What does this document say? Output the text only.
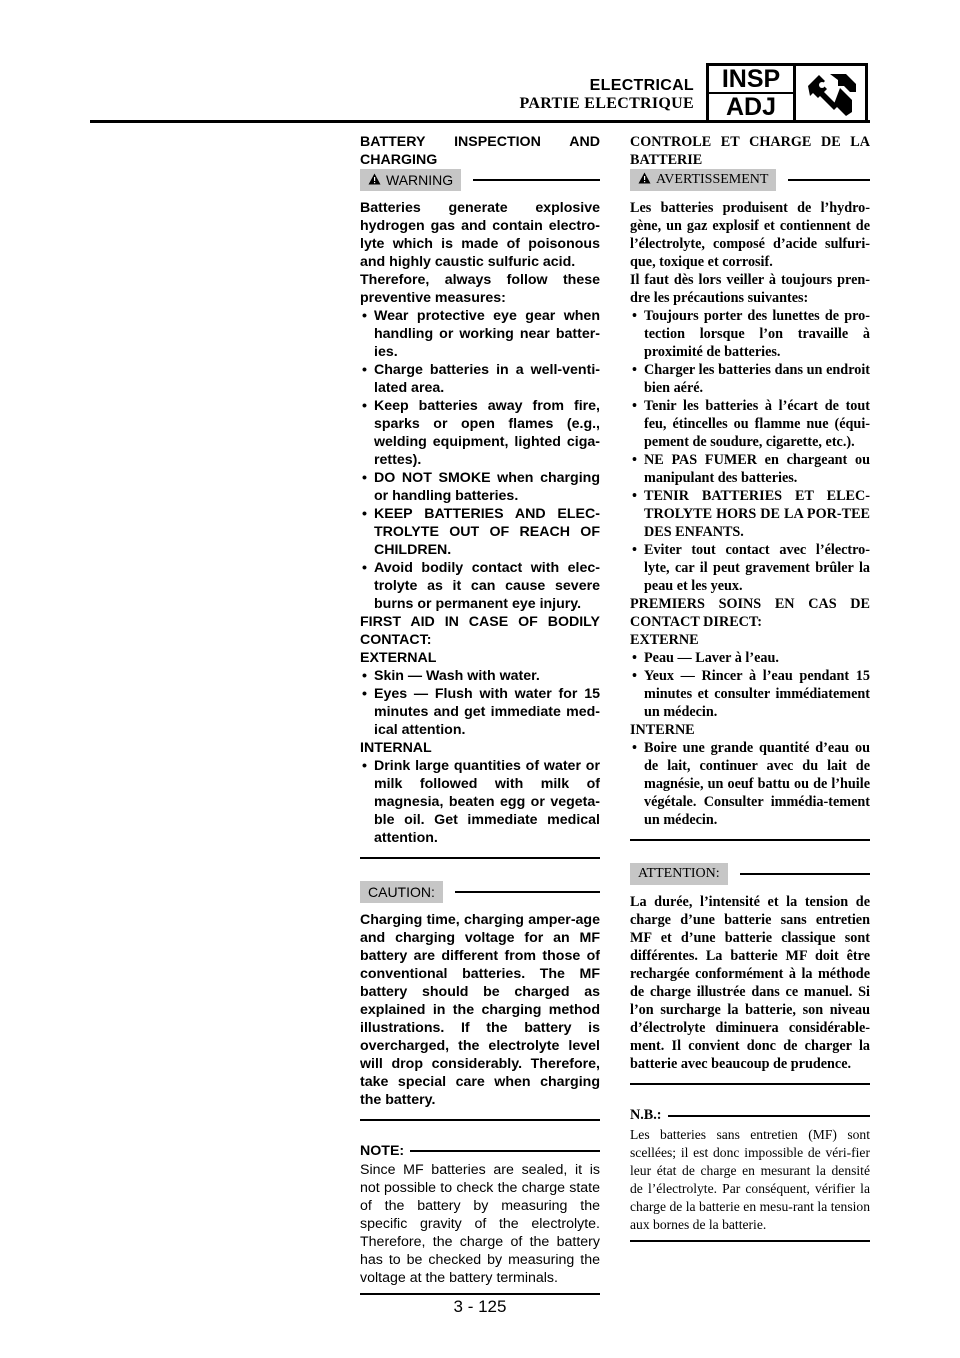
ELECTRICAL
PARTIE ELECTRIQUE
INSP
ADJ

BATTERY INSPECTION AND CHARGING

WARNING

Batteries generate explosive hydrogen gas and contain electro-lyte which is made of poisonous and highly caustic sulfuric acid.

Therefore, always follow these preventive measures:

• Wear protective eye gear when handling or working near batter-ies.
• Charge batteries in a well-venti-lated area.
• Keep batteries away from fire, sparks or open flames (e.g., welding equipment, lighted ciga-rettes).
• DO NOT SMOKE when charging or handling batteries.
• KEEP BATTERIES AND ELEC-TROLYTE OUT OF REACH OF CHILDREN.
• Avoid bodily contact with elec-trolyte as it can cause severe burns or permanent eye injury.

FIRST AID IN CASE OF BODILY CONTACT:

EXTERNAL

• Skin — Wash with water.
• Eyes — Flush with water for 15 minutes and get immediate med-ical attention.

INTERNAL

• Drink large quantities of water or milk followed with milk of magnesia, beaten egg or vegeta-ble oil. Get immediate medical attention.
CAUTION:

Charging time, charging amper-age and charging voltage for an MF battery are different from those of conventional batteries. The MF battery should be charged as explained in the charging method illustrations. If the battery is overcharged, the electrolyte level will drop considerably. Therefore, take special care when charging the battery.

NOTE:

Since MF batteries are sealed, it is not possible to check the charge state of the battery by measuring the specific gravity of the electrolyte. Therefore, the charge of the battery has to be checked by measuring the voltage at the battery terminals.

CONTROLE ET CHARGE DE LA BATTERIE

AVERTISSEMENT

Les batteries produisent de l’hydro-gène, un gaz explosif et contiennent de l’électrolyte, composé d’acide sulfuri-que, toxique et corrosif.

Il faut dès lors veiller à toujours pren-dre les précautions suivantes:

• Toujours porter des lunettes de pro-tection lorsque l’on travaille à proximité de batteries.
• Charger les batteries dans un endroit bien aéré.
• Tenir les batteries à l’écart de tout feu, étincelles ou flamme nue (équi-pement de soudure, cigarette, etc.).
• NE PAS FUMER en chargeant ou manipulant des batteries.
• TENIR BATTERIES ET ELEC-TROLYTE HORS DE LA POR-TEE DES ENFANTS.
• Eviter tout contact avec l’électro-lyte, car il peut gravement brûler la peau et les yeux.

PREMIERS SOINS EN CAS DE CONTACT DIRECT:

EXTERNE

• Peau — Laver à l’eau.
• Yeux — Rincer à l’eau pendant 15 minutes et consulter immédiatement un médecin.

INTERNE

• Boire une grande quantité d’eau ou de lait, continuer avec du lait de magnésie, un oeuf battu ou de l’huile végétale. Consulter immédia-tement un médecin.
ATTENTION:

La durée, l’intensité et la tension de charge d’une batterie sans entretien MF et d’une batterie classique sont différentes. La batterie MF doit être rechargée conformément à la méthode de charge illustrée dans ce manuel. Si l’on surcharge la batterie, son niveau d’électrolyte diminuera considérable-ment. Il convient donc de charger la batterie avec beaucoup de prudence.

N.B.:

Les batteries sans entretien (MF) sont scellées; il est donc impossible de véri-fier leur état de charge en mesurant la densité de l’électrolyte. Par conséquent, vérifier la charge de la batterie en mesu-rant la tension aux bornes de la batterie.

3 - 125
